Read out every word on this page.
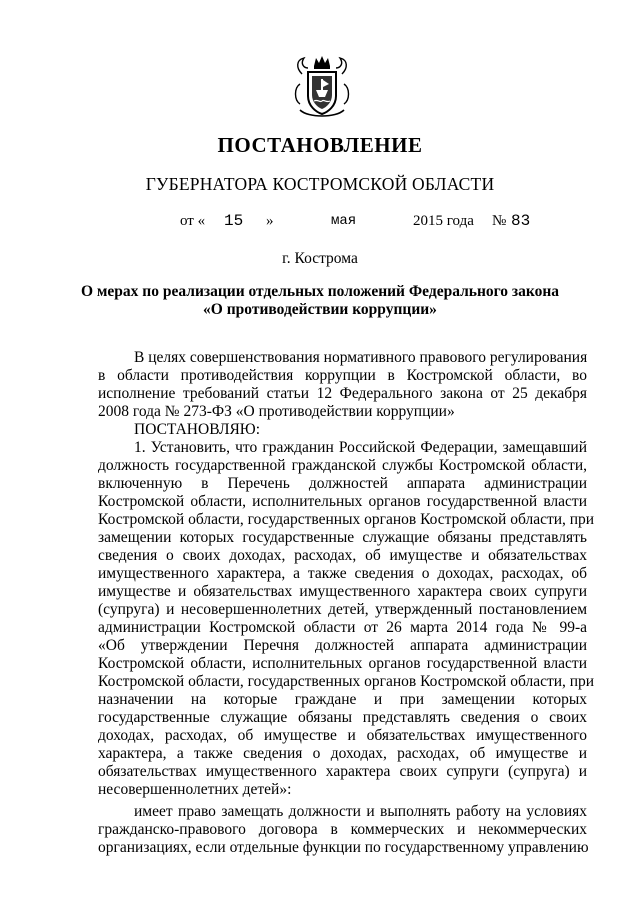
ПОСТАНОВЛЕНИЕ
ГУБЕРНАТОРА КОСТРОМСКОЙ ОБЛАСТИ
от « 15 »	мая	2015 года № 83
г. Кострома
О мерах по реализации отдельных положений Федерального закона
«О противодействии коррупции»
В целях совершенствования нормативного правового регулирования
в области противодействия коррупции в Костромской области, во
исполнение требований статьи 12 Федерального закона от 25 декабря
2008 года № 273-ФЗ «О противодействии коррупции»
ПОСТАНОВЛЯЮ:
1. Установить, что гражданин Российской Федерации, замещавший
должность государственной гражданской службы Костромской области,
включенную в Перечень должностей аппарата администрации
Костромской области, исполнительных органов государственной власти
Костромской области, государственных органов Костромской области, при
замещении которых государственные служащие обязаны представлять
сведения о своих доходах, расходах, об имуществе и обязательствах
имущественного характера, а также сведения о доходах, расходах, об
имуществе и обязательствах имущественного характера своих супруги
(супруга) и несовершеннолетних детей, утвержденный постановлением
администрации Костромской области от 26 марта 2014 года № 99-а
«Об утверждении Перечня должностей аппарата администрации
Костромской области, исполнительных органов государственной власти
Костромской области, государственных органов Костромской области, при
назначении на которые граждане и при замещении которых
государственные служащие обязаны представлять сведения о своих
доходах, расходах, об имуществе и обязательствах имущественного
характера, а также сведения о доходах, расходах, об имуществе и
обязательствах имущественного характера своих супруги (супруга) и
несовершеннолетних детей»:
имеет право замещать должности и выполнять работу на условиях
гражданско-правового договора в коммерческих и некоммерческих
организациях, если отдельные функции по государственному управлению
